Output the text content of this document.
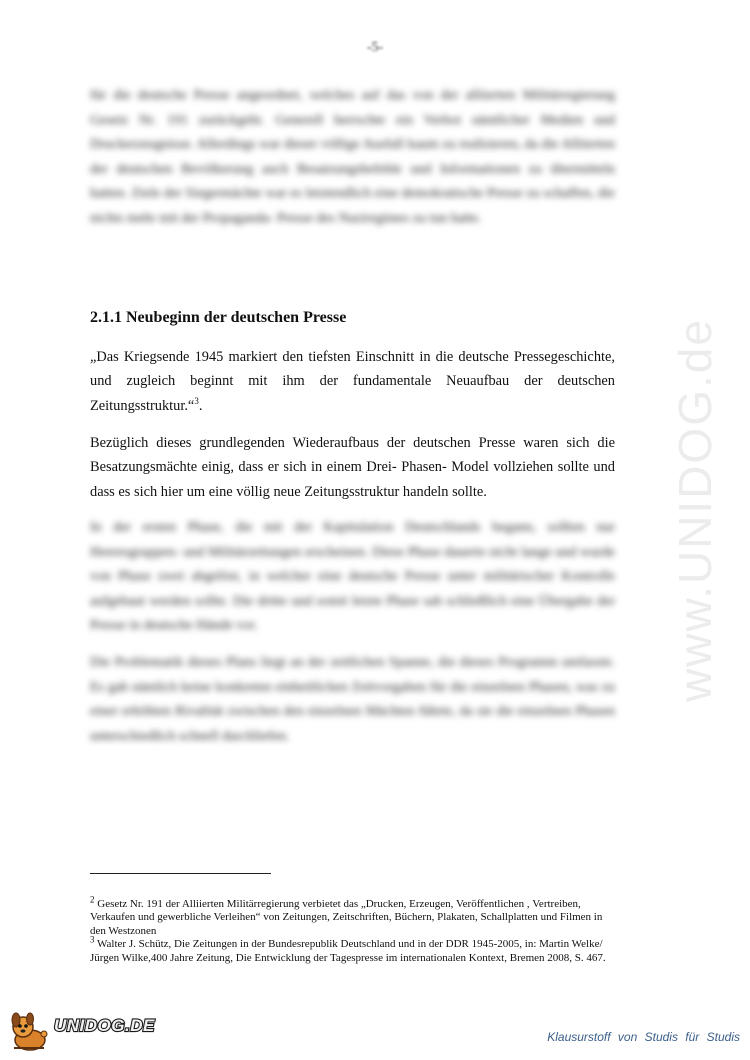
-5-

für die deutsche Presse angeordnet, welches auf das von der alliierten Militärregierung Gesetz Nr. 191 zurückgeht. Generell herrschte ein Verbot sämtlicher Medien und Druckerzeugnisse. Allerdings war dieser völlige Ausfall kaum zu realisieren, da die Alliierten der deutschen Bevölkerung auch Besatzungsbefehle und Informationen zu übermitteln hatten. Ziele der Siegermächte war es letztendlich eine demokratische Presse zu schaffen, die nichts mehr mit der Propaganda- Presse des Naziregimes zu tun hatte.

2.1.1 Neubeginn der deutschen Presse

„Das Kriegsende 1945 markiert den tiefsten Einschnitt in die deutsche Pressegeschichte, und zugleich beginnt mit ihm der fundamentale Neuaufbau der deutschen Zeitungsstruktur.“$^3$.

Bezüglich dieses grundlegenden Wiederaufbaus der deutschen Presse waren sich die Besatzungsmächte einig, dass er sich in einem Drei- Phasen- Model vollziehen sollte und dass es sich hier um eine völlig neue Zeitungsstruktur handeln sollte.

In der ersten Phase, die mit der Kapitulation Deutschlands begann, sollten nur Heeresgruppen- und Militärzeitungen erscheinen. Diese Phase dauerte nicht lange und wurde von Phase zwei abgelöst, in welcher eine deutsche Presse unter militärischer Kontrolle aufgebaut werden sollte. Die dritte und somit letzte Phase sah schließlich eine Übergabe der Presse in deutsche Hände vor.

Die Problematik dieses Plans liegt an der zeitlichen Spanne, die dieses Programm umfasste. Es gab nämlich keine konkreten einheitlichen Zeitvorgaben für die einzelnen Phasen, was zu einer erhöhten Rivalität zwischen den einzelnen Mächten führte, da sie die einzelnen Phasen unterschiedlich schnell durchliefen.

$^2$ Gesetz Nr. 191 der Alliierten Militärregierung verbietet das „Drucken, Erzeugen, Veröffentlichen , Vertreiben, Verkaufen und gewerbliche Verleihen“ von Zeitungen, Zeitschriften, Büchern, Plakaten, Schallplatten und Filmen in den Westzonen

$^3$ Walter J. Schütz, Die Zeitungen in der Bundesrepublik Deutschland und in der DDR 1945-2005, in: Martin Welke/ Jürgen Wilke,400 Jahre Zeitung, Die Entwicklung der Tagespresse im internationalen Kontext, Bremen 2008, S. 467.

www.UNIDOG.de
UNIDOG.DE
Klausurstoff von Studis für Studis
